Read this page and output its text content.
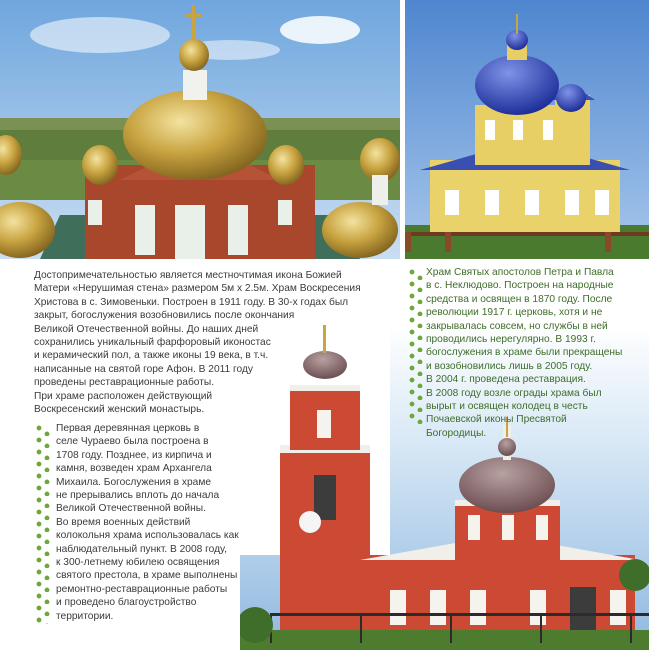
Достопримечательностью является местночтимая икона Божией
Матери «Нерушимая стена» размером 5м х 2.5м. Храм Воскресения
Христова в с. Зимовеньки. Построен в 1911 году. В 30-х годах был
закрыт, богослужения возобновились после окончания
Великой Отечественной войны. До наших дней
сохранились уникальный фарфоровый иконостас
и керамический пол, а также иконы 19 века, в т.ч.
написанные на святой горе Афон. В 2011 году
проведены реставрационные работы.
При храме расположен действующий
Воскресенский женский монастырь.
Храм Святых апостолов Петра и Павла
в с. Неклюдово. Построен на народные
средства и освящен в 1870 году. После
революции 1917 г. церковь, хотя и не
закрывалась совсем, но службы в ней
проводились нерегулярно. В 1993 г.
богослужения в храме были прекращены
и возобновились лишь в 2005 году.
В 2004 г. проведена реставрация.
В 2008 году возле ограды храма был
вырыт и освящен колодец в честь
Почаевской иконы Пресвятой
Богородицы.
Первая деревянная церковь в
селе Чураево была построена в
1708 году. Позднее, из кирпича и
камня, возведен храм Архангела
Михаила. Богослужения в храме
не прерывались вплоть до начала
Великой Отечественной войны.
Во время военных действий
колокольня храма использовалась как
наблюдательный пункт. В 2008 году,
к 300-летнему юбилею освящения
святого престола, в храме выполнены
ремонтно-реставрационные работы
и проведено благоустройство
территории.
